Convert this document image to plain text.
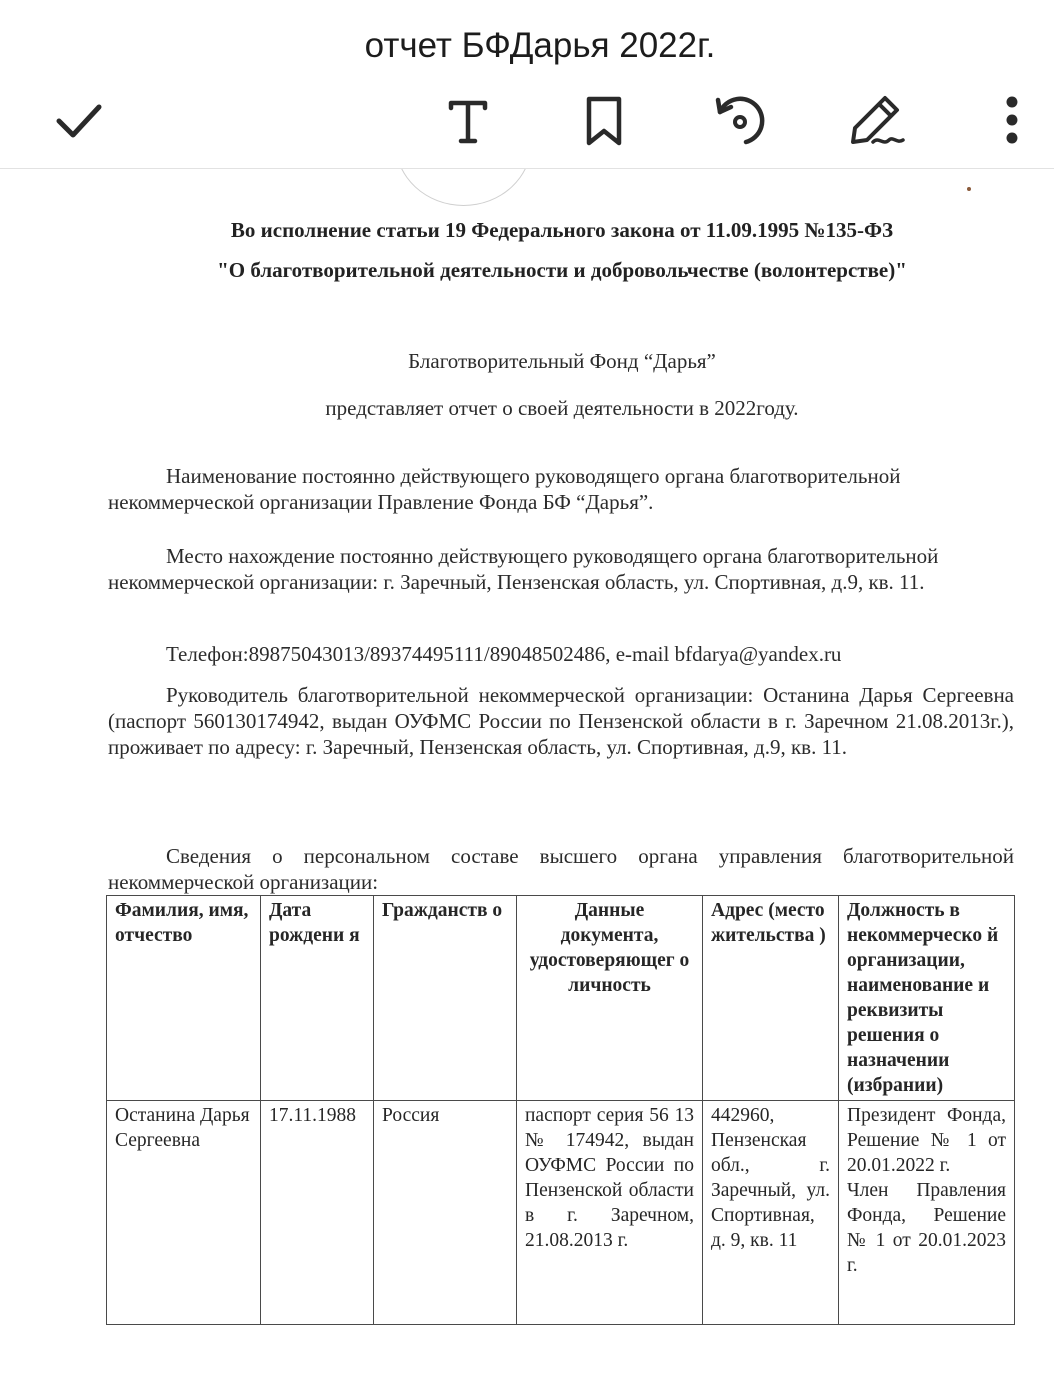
отчет БФДарья 2022г.
Во исполнение статьи 19 Федерального закона от 11.09.1995 №135-ФЗ
"О благотворительной деятельности и добровольчестве (волонтерстве)"
Благотворительный Фонд “Дарья”
представляет отчет о своей деятельности в 2022году.
Наименование постоянно действующего руководящего органа благотворительной некоммерческой организации Правление Фонда БФ “Дарья”.
Место нахождение постоянно действующего руководящего органа благотворительной некоммерческой организации: г. Заречный, Пензенская область, ул. Спортивная, д.9, кв. 11.
Телефон:89875043013/89374495111/89048502486, e-mail bfdarya@yandex.ru
Руководитель благотворительной некоммерческой организации: Останина Дарья Сергеевна (паспорт 560130174942, выдан ОУФМС России по Пензенской области в г. Заречном 21.08.2013г.), проживает по адресу: г. Заречный, Пензенская область, ул. Спортивная, д.9, кв. 11.
Сведения о персональном составе высшего органа управления благотворительной некоммерческой организации:
Фамилия, имя, отчество	Дата рождени я	Гражданств о	Данные документа, удостоверяющег о личность	Адрес (место жительства )	Должность в некоммерческо й организации, наименование и реквизиты решения о назначении (избрании)
Останина Дарья Сергеевна	17.11.1988	Россия	паспорт серия 56 13 № 174942, выдан ОУФМС России по Пензенской области в г. Заречном, 21.08.2013 г.	442960, Пензенская обл., г. Заречный, ул. Спортивная, д. 9, кв. 11	Президент Фонда, Решение № 1 от 20.01.2022 г.
Член Правления Фонда, Решение № 1 от 20.01.2023 г.
